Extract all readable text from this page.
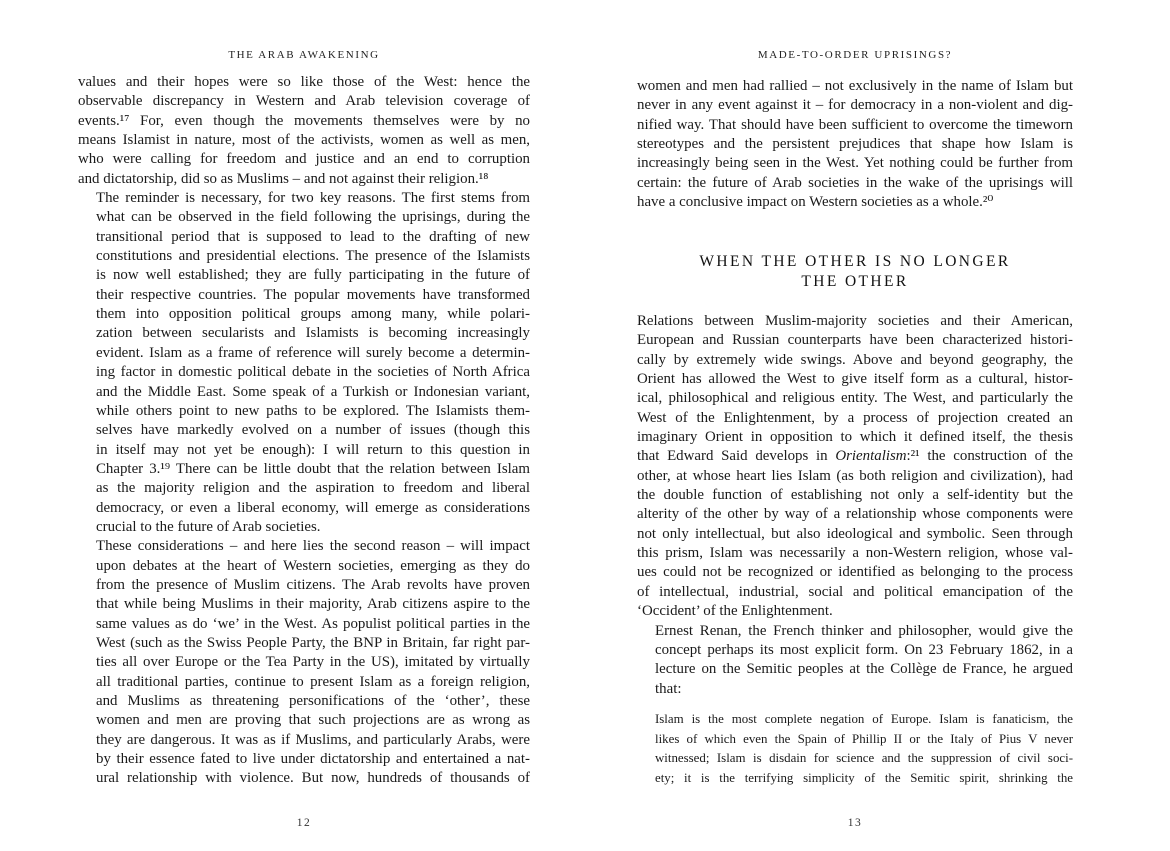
THE ARAB AWAKENING

values and their hopes were so like those of the West: hence the
observable discrepancy in Western and Arab television coverage of
events.¹⁷ For, even though the movements themselves were by no
means Islamist in nature, most of the activists, women as well as men,
who were calling for freedom and justice and an end to corruption
and dictatorship, did so as Muslims – and not against their religion.¹⁸

The reminder is necessary, for two key reasons. The first stems from
what can be observed in the field following the uprisings, during the
transitional period that is supposed to lead to the drafting of new
constitutions and presidential elections. The presence of the Islamists
is now well established; they are fully participating in the future of
their respective countries. The popular movements have transformed
them into opposition political groups among many, while polari-
zation between secularists and Islamists is becoming increasingly
evident. Islam as a frame of reference will surely become a determin-
ing factor in domestic political debate in the societies of North Africa
and the Middle East. Some speak of a Turkish or Indonesian variant,
while others point to new paths to be explored. The Islamists them-
selves have markedly evolved on a number of issues (though this
in itself may not yet be enough): I will return to this question in
Chapter 3.¹⁹ There can be little doubt that the relation between Islam
as the majority religion and the aspiration to freedom and liberal
democracy, or even a liberal economy, will emerge as considerations
crucial to the future of Arab societies.

These considerations – and here lies the second reason – will impact
upon debates at the heart of Western societies, emerging as they do
from the presence of Muslim citizens. The Arab revolts have proven
that while being Muslims in their majority, Arab citizens aspire to the
same values as do ‘we’ in the West. As populist political parties in the
West (such as the Swiss People Party, the BNP in Britain, far right par-
ties all over Europe or the Tea Party in the US), imitated by virtually
all traditional parties, continue to present Islam as a foreign religion,
and Muslims as threatening personifications of the ‘other’, these
women and men are proving that such projections are as wrong as
they are dangerous. It was as if Muslims, and particularly Arabs, were
by their essence fated to live under dictatorship and entertained a nat-
ural relationship with violence. But now, hundreds of thousands of

12
MADE-TO-ORDER UPRISINGS?

women and men had rallied – not exclusively in the name of Islam but
never in any event against it – for democracy in a non-violent and dig-
nified way. That should have been sufficient to overcome the timeworn
stereotypes and the persistent prejudices that shape how Islam is
increasingly being seen in the West. Yet nothing could be further from
certain: the future of Arab societies in the wake of the uprisings will
have a conclusive impact on Western societies as a whole.²⁰

WHEN THE OTHER IS NO LONGER
THE OTHER

Relations between Muslim-majority societies and their American,
European and Russian counterparts have been characterized histori-
cally by extremely wide swings. Above and beyond geography, the
Orient has allowed the West to give itself form as a cultural, histor-
ical, philosophical and religious entity. The West, and particularly the
West of the Enlightenment, by a process of projection created an
imaginary Orient in opposition to which it defined itself, the thesis
that Edward Said develops in Orientalism:²¹ the construction of the
other, at whose heart lies Islam (as both religion and civilization), had
the double function of establishing not only a self-identity but the
alterity of the other by way of a relationship whose components were
not only intellectual, but also ideological and symbolic. Seen through
this prism, Islam was necessarily a non-Western religion, whose val-
ues could not be recognized or identified as belonging to the process
of intellectual, industrial, social and political emancipation of the
‘Occident’ of the Enlightenment.

Ernest Renan, the French thinker and philosopher, would give the
concept perhaps its most explicit form. On 23 February 1862, in a
lecture on the Semitic peoples at the Collège de France, he argued
that:

Islam is the most complete negation of Europe. Islam is fanaticism, the
likes of which even the Spain of Phillip II or the Italy of Pius V never
witnessed; Islam is disdain for science and the suppression of civil soci-
ety; it is the terrifying simplicity of the Semitic spirit, shrinking the
13
